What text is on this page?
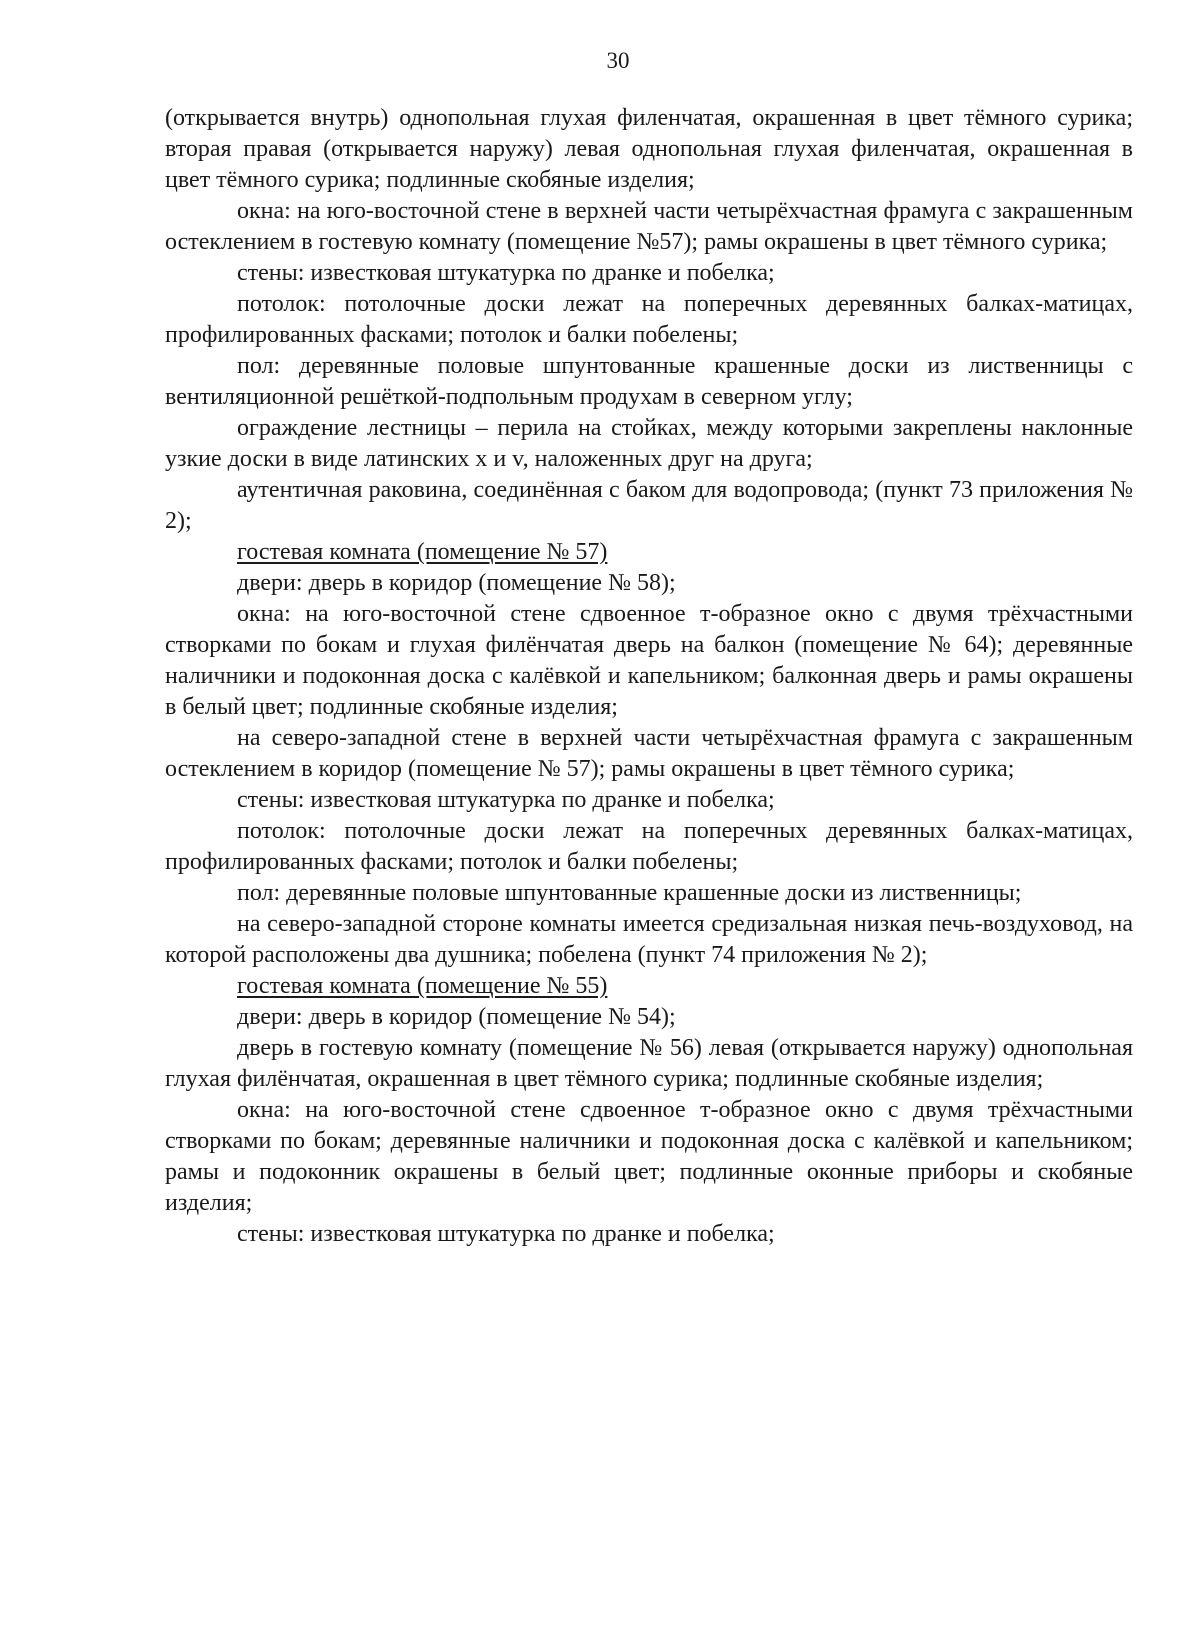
30

(открывается внутрь) однопольная глухая филенчатая, окрашенная в цвет тёмного сурика; вторая правая (открывается наружу) левая однопольная глухая филенчатая, окрашенная в цвет тёмного сурика; подлинные скобяные изделия;

окна: на юго-восточной стене в верхней части четырёхчастная фрамуга с закрашенным остеклением в гостевую комнату (помещение №57); рамы окрашены в цвет тёмного сурика;

стены: известковая штукатурка по дранке и побелка;

потолок: потолочные доски лежат на поперечных деревянных балках-матицах, профилированных фасками; потолок и балки побелены;

пол: деревянные половые шпунтованные крашенные доски из лиственницы с вентиляционной решёткой-подпольным продухам в северном углу;

ограждение лестницы – перила на стойках, между которыми закреплены наклонные узкие доски в виде латинских x и v, наложенных друг на друга;

аутентичная раковина, соединённая с баком для водопровода; (пункт 73 приложения № 2);

гостевая комната (помещение № 57)

двери: дверь в коридор (помещение № 58);

окна: на юго-восточной стене сдвоенное т-образное окно с двумя трёхчастными створками по бокам и глухая филёнчатая дверь на балкон (помещение № 64); деревянные наличники и подоконная доска с калёвкой и капельником; балконная дверь и рамы окрашены в белый цвет; подлинные скобяные изделия;

на северо-западной стене в верхней части четырёхчастная фрамуга с закрашенным остеклением в коридор (помещение № 57); рамы окрашены в цвет тёмного сурика;

стены: известковая штукатурка по дранке и побелка;

потолок: потолочные доски лежат на поперечных деревянных балках-матицах, профилированных фасками; потолок и балки побелены;

пол: деревянные половые шпунтованные крашенные доски из лиственницы;

на северо-западной стороне комнаты имеется средизальная низкая печь-воздуховод, на которой расположены два душника; побелена (пункт 74 приложения № 2);

гостевая комната (помещение № 55)

двери: дверь в коридор (помещение № 54);

дверь в гостевую комнату (помещение № 56) левая (открывается наружу) однопольная глухая филёнчатая, окрашенная в цвет тёмного сурика; подлинные скобяные изделия;

окна: на юго-восточной стене сдвоенное т-образное окно с двумя трёхчастными створками по бокам; деревянные наличники и подоконная доска с калёвкой и капельником; рамы и подоконник окрашены в белый цвет; подлинные оконные приборы и скобяные изделия;

стены: известковая штукатурка по дранке и побелка;
